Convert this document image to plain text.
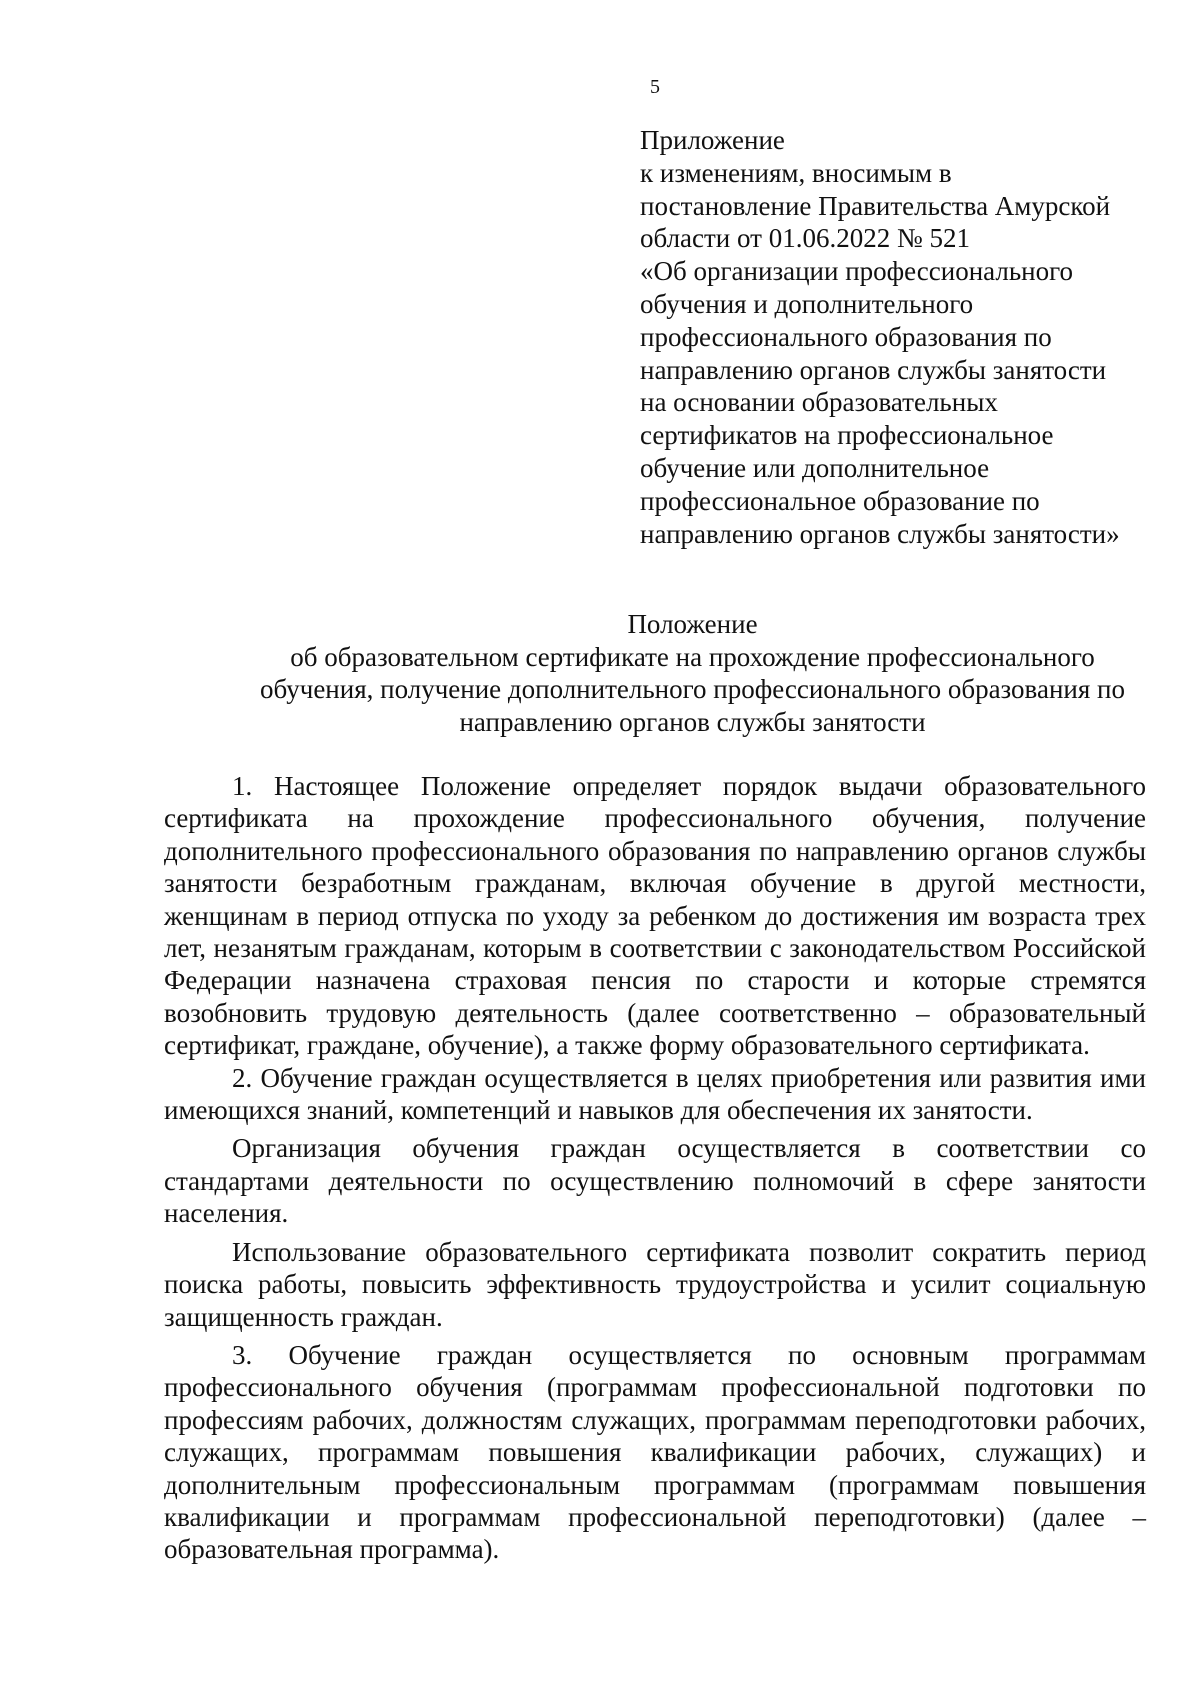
5
Приложение
к изменениям, вносимым в
постановление Правительства Амурской
области от 01.06.2022 № 521
«Об организации профессионального
обучения и дополнительного
профессионального образования по
направлению органов службы занятости
на основании образовательных
сертификатов на профессиональное
обучение или дополнительное
профессиональное образование по
направлению органов службы занятости»
Положение
об образовательном сертификате на прохождение профессионального
обучения, получение дополнительного профессионального образования по
направлению органов службы занятости

1. Настоящее Положение определяет порядок выдачи образовательного сертификата на прохождение профессионального обучения, получение дополнительного профессионального образования по направлению органов службы занятости безработным гражданам, включая обучение в другой местности, женщинам в период отпуска по уходу за ребенком до достижения им возраста трех лет, незанятым гражданам, которым в соответствии с законодательством Российской Федерации назначена страховая пенсия по старости и которые стремятся возобновить трудовую деятельность (далее соответственно – образовательный сертификат, граждане, обучение), а также форму образовательного сертификата.

2. Обучение граждан осуществляется в целях приобретения или развития ими имеющихся знаний, компетенций и навыков для обеспечения их занятости.

Организация обучения граждан осуществляется в соответствии со стандартами деятельности по осуществлению полномочий в сфере занятости населения.

Использование образовательного сертификата позволит сократить период поиска работы, повысить эффективность трудоустройства и усилит социальную защищенность граждан.

3. Обучение граждан осуществляется по основным программам профессионального обучения (программам профессиональной подготовки по профессиям рабочих, должностям служащих, программам переподготовки рабочих, служащих, программам повышения квалификации рабочих, служащих) и дополнительным профессиональным программам (программам повышения квалификации и программам профессиональной переподготовки) (далее – образовательная программа).
